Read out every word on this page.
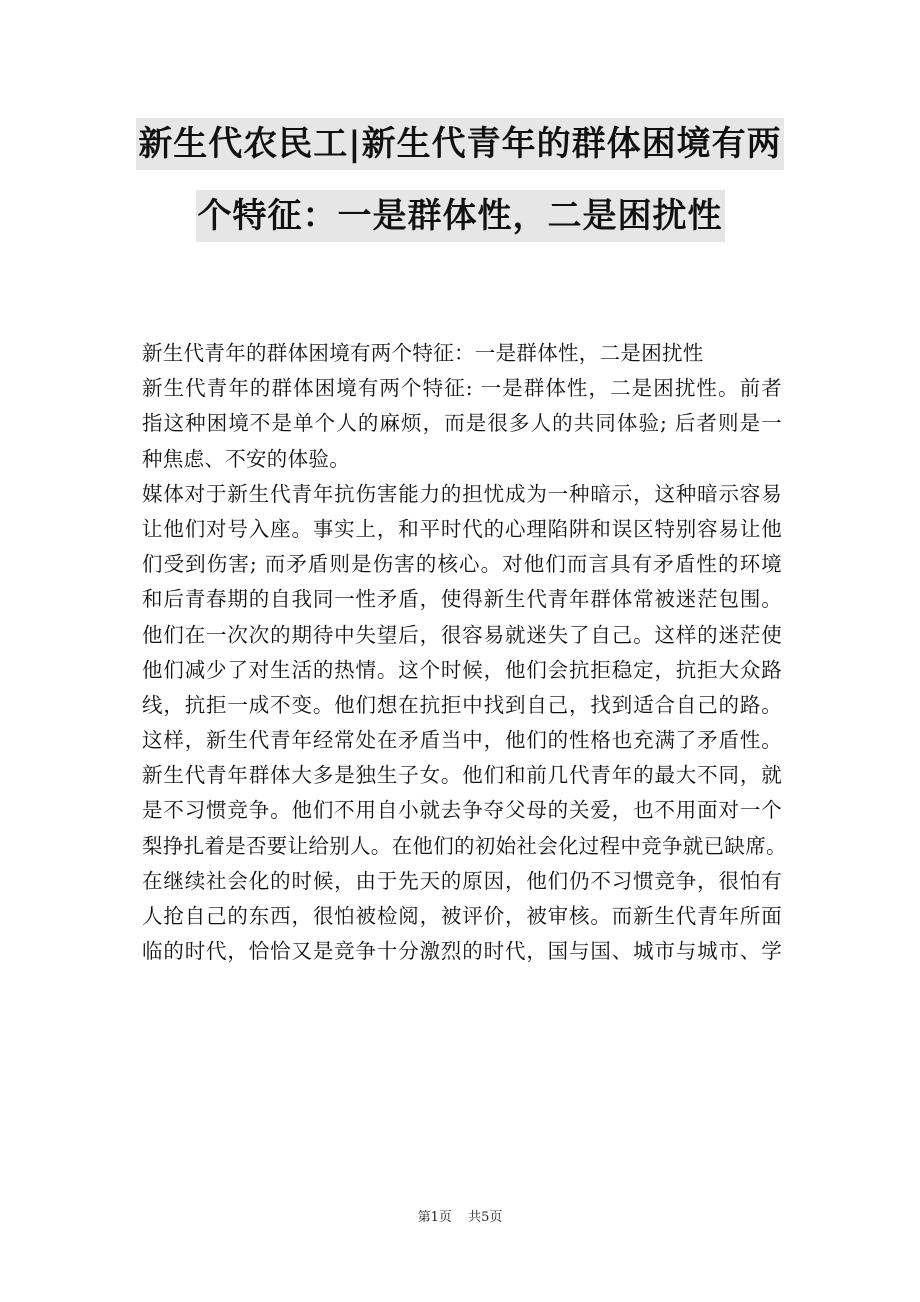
新生代农民工|新生代青年的群体困境有两
个特征：一是群体性，二是困扰性
新生代青年的群体困境有两个特征：一是群体性，二是困扰性
新生代青年的群体困境有两个特征: 一是群体性，二是困扰性。前者
指这种困境不是单个人的麻烦，而是很多人的共同体验; 后者则是一
种焦虑、不安的体验。
媒体对于新生代青年抗伤害能力的担忧成为一种暗示，这种暗示容易
让他们对号入座。事实上，和平时代的心理陷阱和误区特别容易让他
们受到伤害; 而矛盾则是伤害的核心。对他们而言具有矛盾性的环境
和后青春期的自我同一性矛盾，使得新生代青年群体常被迷茫包围。
他们在一次次的期待中失望后，很容易就迷失了自己。这样的迷茫使
他们减少了对生活的热情。这个时候，他们会抗拒稳定，抗拒大众路
线，抗拒一成不变。他们想在抗拒中找到自己，找到适合自己的路。
这样，新生代青年经常处在矛盾当中，他们的性格也充满了矛盾性。
新生代青年群体大多是独生子女。他们和前几代青年的最大不同，就
是不习惯竞争。他们不用自小就去争夺父母的关爱，也不用面对一个
梨挣扎着是否要让给别人。在他们的初始社会化过程中竞争就已缺席。
在继续社会化的时候，由于先天的原因，他们仍不习惯竞争，很怕有
人抢自己的东西，很怕被检阅，被评价，被审核。而新生代青年所面
临的时代，恰恰又是竞争十分激烈的时代，国与国、城市与城市、学
第1页 共5页
